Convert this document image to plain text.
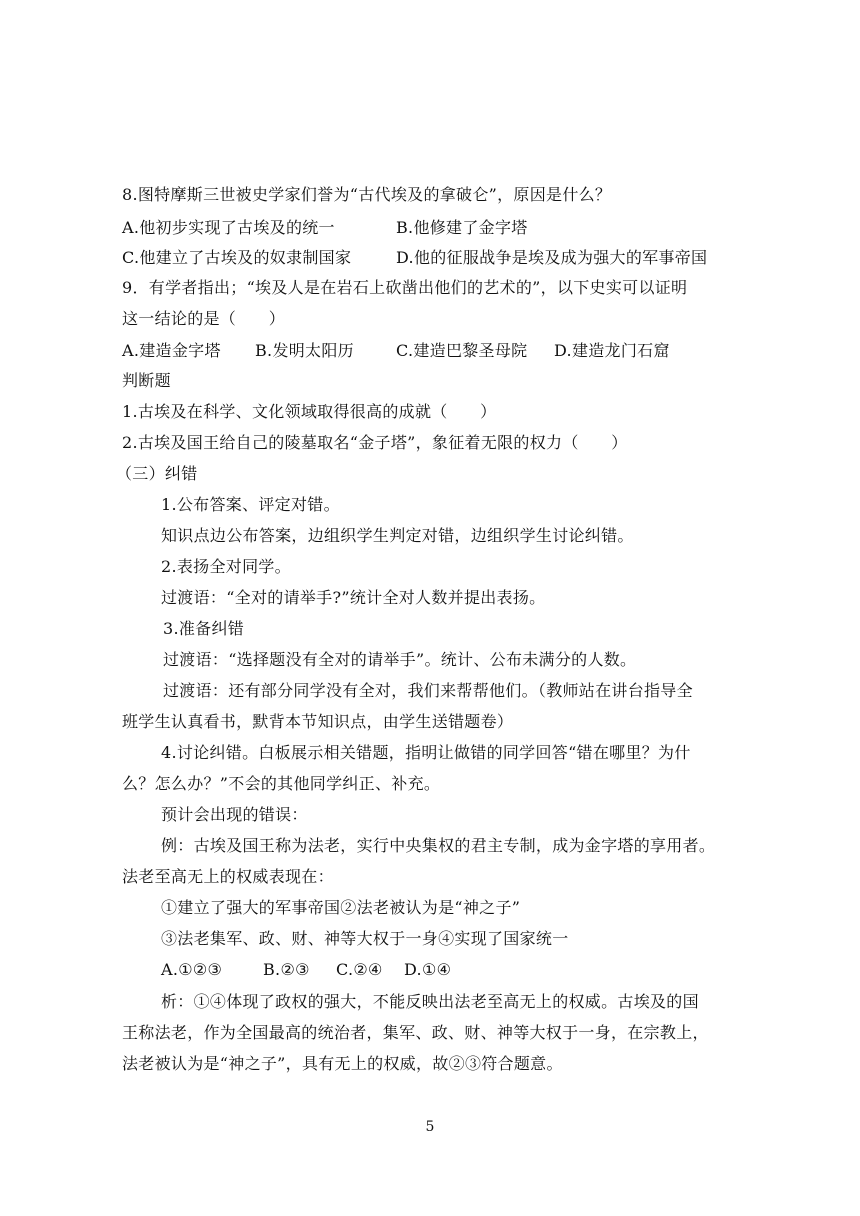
8.图特摩斯三世被史学家们誉为“古代埃及的拿破仑”，原因是什么？
A.他初步实现了古埃及的统一	B.他修建了金字塔
C.他建立了古埃及的奴隶制国家	D.他的征服战争是埃及成为强大的军事帝国
9．有学者指出；“埃及人是在岩石上砍凿出他们的艺术的”，以下史实可以证明
这一结论的是（　　）
A.建造金字塔 B.发明太阳历	C.建造巴黎圣母院 D.建造龙门石窟
判断题
1.古埃及在科学、文化领域取得很高的成就（　　）
2.古埃及国王给自己的陵墓取名“金子塔”，象征着无限的权力（　　）
（三）纠错
1.公布答案、评定对错。
知识点边公布答案，边组织学生判定对错，边组织学生讨论纠错。
2.表扬全对同学。
过渡语：“全对的请举手?”统计全对人数并提出表扬。
3.准备纠错
过渡语：“选择题没有全对的请举手”。统计、公布未满分的人数。
过渡语：还有部分同学没有全对，我们来帮帮他们。（教师站在讲台指导全
班学生认真看书，默背本节知识点，由学生送错题卷）
4.讨论纠错。白板展示相关错题，指明让做错的同学回答“错在哪里？为什
么？怎么办？”不会的其他同学纠正、补充。
预计会出现的错误：
例：古埃及国王称为法老，实行中央集权的君主专制，成为金字塔的享用者。
法老至高无上的权威表现在：
①建立了强大的军事帝国②法老被认为是“神之子”
③法老集军、政、财、神等大权于一身④实现了国家统一
A.①②③	B.②③ C.②④ D.①④
析：①④体现了政权的强大，不能反映出法老至高无上的权威。古埃及的国
王称法老，作为全国最高的统治者，集军、政、财、神等大权于一身，在宗教上，
法老被认为是“神之子”，具有无上的权威，故②③符合题意。
5
